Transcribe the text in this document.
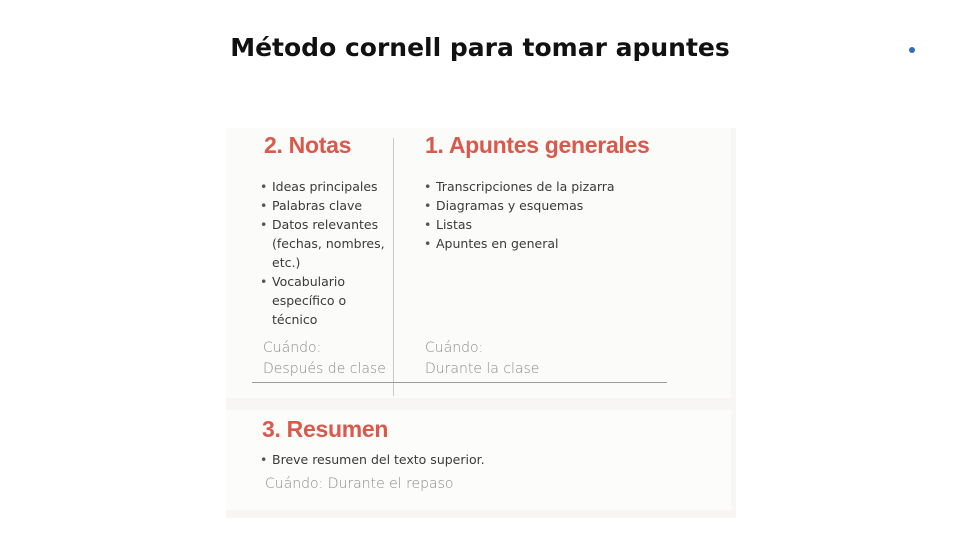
Método cornell para tomar apuntes
2. Notas
• Ideas principales
• Palabras clave
• Datos relevantes (fechas, nombres, etc.)
• Vocabulario específico o técnico

Cuándo:
Después de clase

1. Apuntes generales
• Transcripciones de la pizarra
• Diagramas y esquemas
• Listas
• Apuntes en general

Cuándo:
Durante la clase

3. Resumen
• Breve resumen del texto superior.

Cuándo: Durante el repaso
